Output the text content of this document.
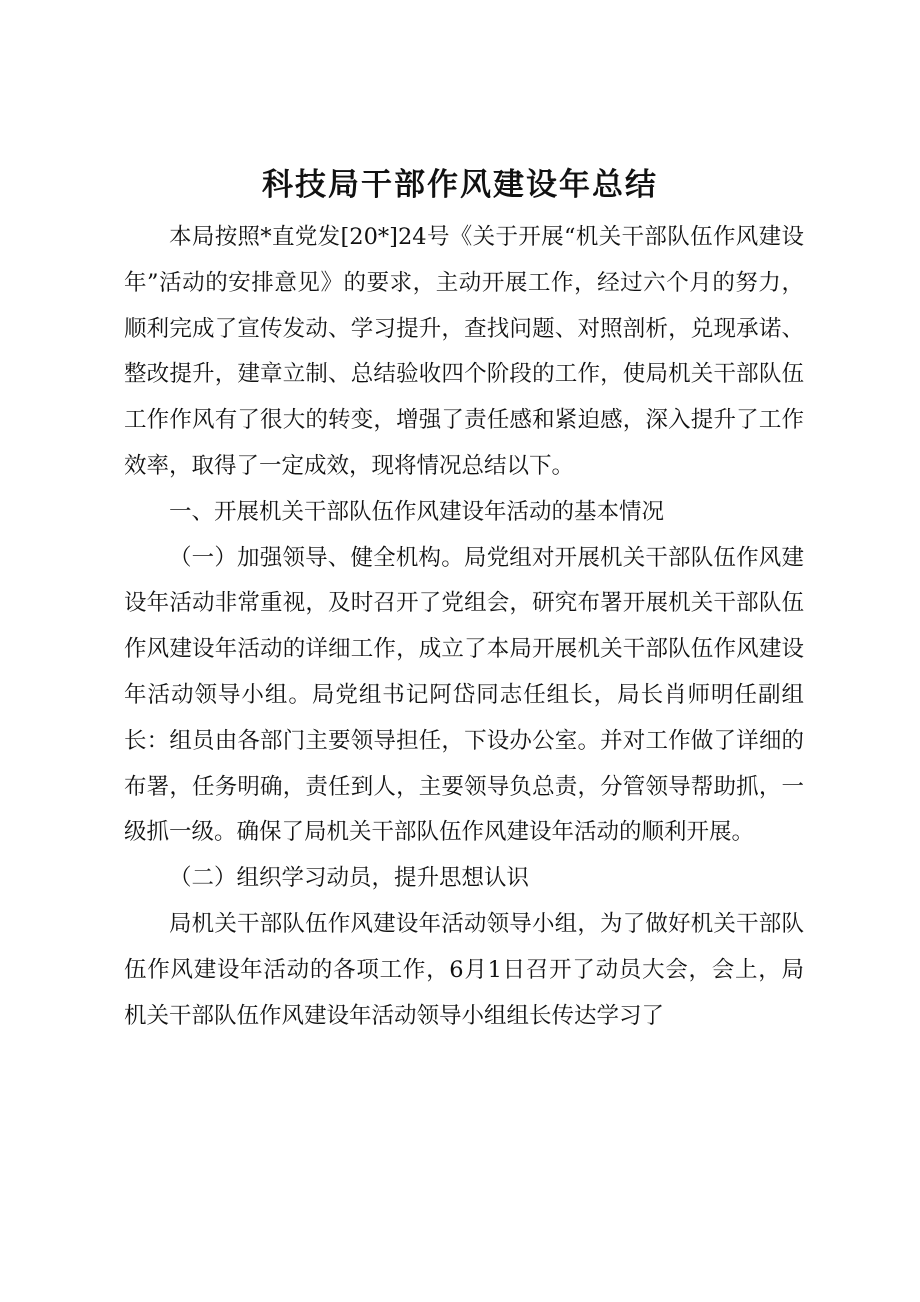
科技局干部作风建设年总结

本局按照*直党发[20*]24号《关于开展“机关干部队伍作风建设年”活动的安排意见》的要求，主动开展工作，经过六个月的努力，顺利完成了宣传发动、学习提升，查找问题、对照剖析，兑现承诺、整改提升，建章立制、总结验收四个阶段的工作，使局机关干部队伍工作作风有了很大的转变，增强了责任感和紧迫感，深入提升了工作效率，取得了一定成效，现将情况总结以下。

一、开展机关干部队伍作风建设年活动的基本情况

（一）加强领导、健全机构。局党组对开展机关干部队伍作风建设年活动非常重视，及时召开了党组会，研究布署开展机关干部队伍作风建设年活动的详细工作，成立了本局开展机关干部队伍作风建设年活动领导小组。局党组书记阿岱同志任组长，局长肖师明任副组长：组员由各部门主要领导担任，下设办公室。并对工作做了详细的布署，任务明确，责任到人，主要领导负总责，分管领导帮助抓，一级抓一级。确保了局机关干部队伍作风建设年活动的顺利开展。

（二）组织学习动员，提升思想认识

局机关干部队伍作风建设年活动领导小组，为了做好机关干部队伍作风建设年活动的各项工作，6月1日召开了动员大会，会上，局机关干部队伍作风建设年活动领导小组组长传达学习了
